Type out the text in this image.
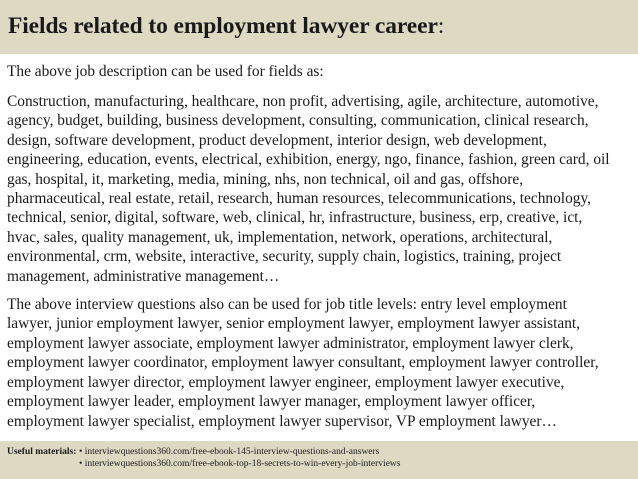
Fields related to employment lawyer career:

The above job description can be used for fields as:

Construction, manufacturing, healthcare, non profit, advertising, agile, architecture, automotive,
agency, budget, building, business development, consulting, communication, clinical research,
design, software development, product development, interior design, web development,
engineering, education, events, electrical, exhibition, energy, ngo, finance, fashion, green card, oil
gas, hospital, it, marketing, media, mining, nhs, non technical, oil and gas, offshore,
pharmaceutical, real estate, retail, research, human resources, telecommunications, technology,
technical, senior, digital, software, web, clinical, hr, infrastructure, business, erp, creative, ict,
hvac, sales, quality management, uk, implementation, network, operations, architectural,
environmental, crm, website, interactive, security, supply chain, logistics, training, project
management, administrative management…

The above interview questions also can be used for job title levels: entry level employment
lawyer, junior employment lawyer, senior employment lawyer, employment lawyer assistant,
employment lawyer associate, employment lawyer administrator, employment lawyer clerk,
employment lawyer coordinator, employment lawyer consultant, employment lawyer controller,
employment lawyer director, employment lawyer engineer, employment lawyer executive,
employment lawyer leader, employment lawyer manager, employment lawyer officer,
employment lawyer specialist, employment lawyer supervisor, VP employment lawyer…

Useful materials: • interviewquestions360.com/free-ebook-145-interview-questions-and-answers
• interviewquestions360.com/free-ebook-top-18-secrets-to-win-every-job-interviews
